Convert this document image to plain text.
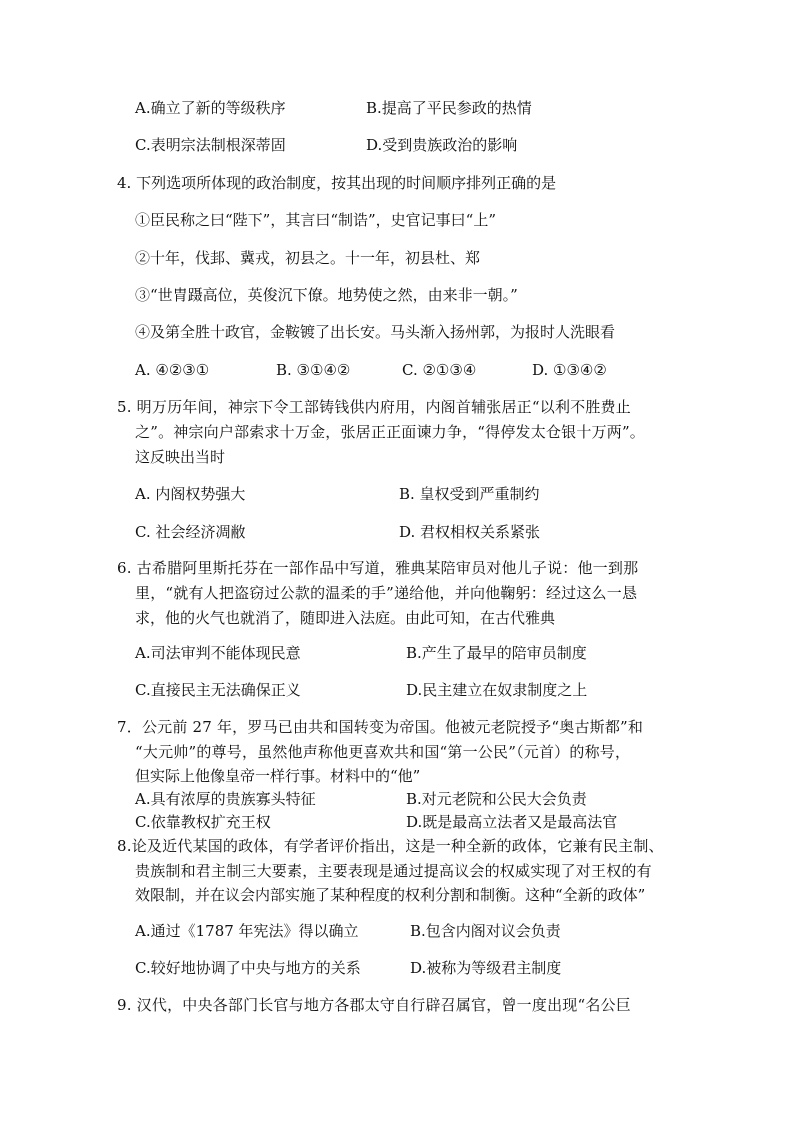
A.确立了新的等级秩序	B.提高了平民参政的热情
C.表明宗法制根深蒂固	D.受到贵族政治的影响
4. 下列选项所体现的政治制度，按其出现的时间顺序排列正确的是
①臣民称之曰“陛下”，其言曰“制诰”，史官记事曰“上”
②十年，伐邽、冀戎，初县之。十一年，初县杜、郑
③“世胄蹑高位，英俊沉下僚。地势使之然，由来非一朝。”
④及第全胜十政官，金鞍镀了出长安。马头渐入扬州郭，为报时人洗眼看
A. ④②③①	B. ③①④②	C. ②①③④	D. ①③④②
5. 明万历年间，神宗下令工部铸钱供内府用，内阁首辅张居正“以利不胜费止
之”。神宗向户部索求十万金，张居正正面谏力争，“得停发太仓银十万两”。
这反映出当时
A. 内阁权势强大	B. 皇权受到严重制约
C. 社会经济凋敝	D. 君权相权关系紧张
6. 古希腊阿里斯托芬在一部作品中写道，雅典某陪审员对他儿子说：他一到那
里，“就有人把盗窃过公款的温柔的手”递给他，并向他鞠躬：经过这么一恳
求，他的火气也就消了，随即进入法庭。由此可知，在古代雅典
A.司法审判不能体现民意	B.产生了最早的陪审员制度
C.直接民主无法确保正义	D.民主建立在奴隶制度之上
7．公元前 27 年，罗马已由共和国转变为帝国。他被元老院授予“奥古斯都”和
“大元帅”的尊号，虽然他声称他更喜欢共和国“第一公民”（元首）的称号，
但实际上他像皇帝一样行事。材料中的“他”
A.具有浓厚的贵族寡头特征	B.对元老院和公民大会负责
C.依靠教权扩充王权	D.既是最高立法者又是最高法官
8.论及近代某国的政体，有学者评价指出，这是一种全新的政体，它兼有民主制、
贵族制和君主制三大要素，主要表现是通过提高议会的权威实现了对王权的有
效限制，并在议会内部实施了某种程度的权利分割和制衡。这种“全新的政体”
A.通过《1787 年宪法》得以确立	B.包含内阁对议会负责
C.较好地协调了中央与地方的关系	D.被称为等级君主制度
9. 汉代，中央各部门长官与地方各郡太守自行辟召属官，曾一度出现“名公巨
